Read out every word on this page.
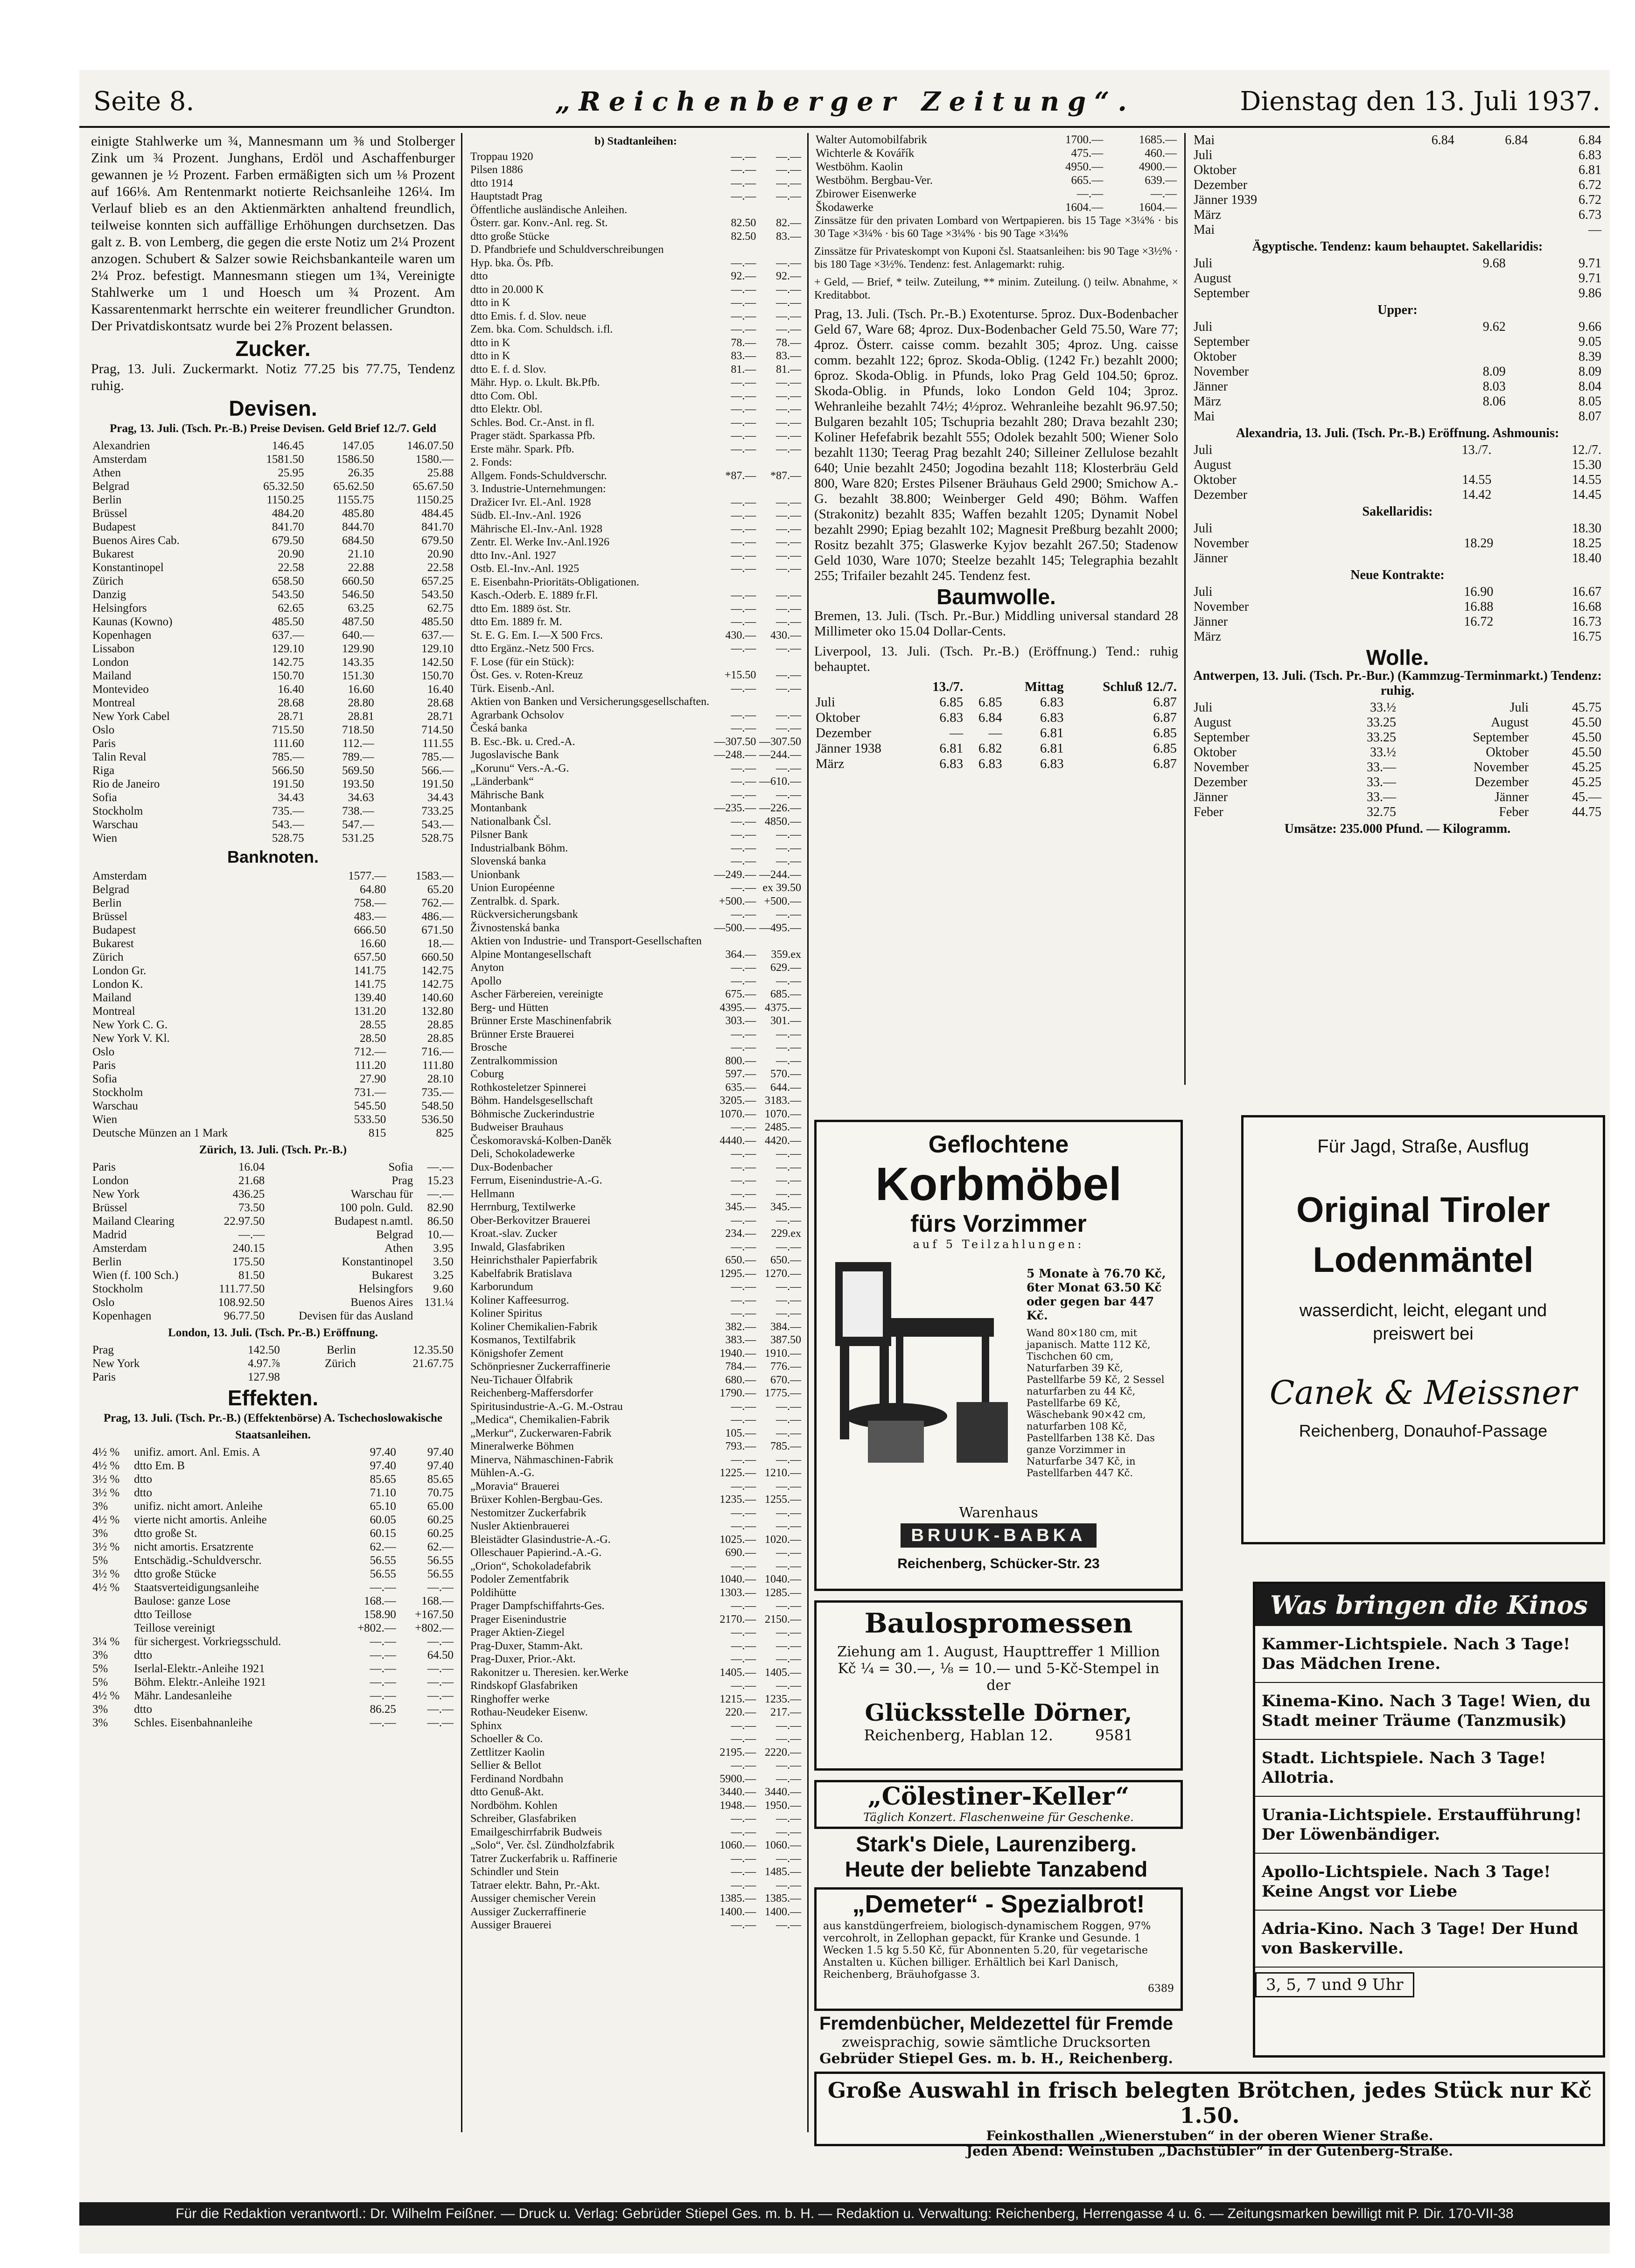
Seite 8.	„Reichenberger Zeitung“.	Dienstag den 13. Juli 1937.

einigte Stahlwerke um ¾, Mannesmann um ⅜ und Stolberger Zink um ¾ Prozent. Junghans, Erdöl und Aschaffenburger gewannen je ½ Prozent. Farben ermäßigten sich um ⅛ Prozent auf 166⅛. Am Rentenmarkt notierte Reichsanleihe 126¼. Im Verlauf blieb es an den Aktienmärkten anhaltend freundlich, teilweise konnten sich auffällige Erhöhungen durchsetzen. Das galt z. B. von Lemberg, die gegen die erste Notiz um 2¼ Prozent anzogen. Schubert & Salzer sowie Reichsbankanteile waren um 2¼ Proz. befestigt. Mannesmann stiegen um 1¾, Vereinigte Stahlwerke um 1 und Hoesch um ¾ Prozent. Am Kassarentenmarkt herrschte ein weiterer freundlicher Grundton. Der Privatdiskontsatz wurde bei 2⅞ Prozent belassen.

Zucker.

Prag, 13. Juli. Zuckermarkt. Notiz 77.25 bis 77.75, Tendenz ruhig.

Devisen.
Prag, 13. Juli. (Tsch. Pr.-B.) Preise Devisen. Geld Brief 12./7. Geld
Alexandrien	146.45	147.05	146.07.50
Amsterdam	1581.50	1586.50	1580.—
Athen	25.95	26.35	25.88
Belgrad	65.32.50	65.62.50	65.67.50
Berlin	1150.25	1155.75	1150.25
Brüssel	484.20	485.80	484.45
Budapest	841.70	844.70	841.70
Buenos Aires Cab.	679.50	684.50	679.50
Bukarest	20.90	21.10	20.90
Konstantinopel	22.58	22.88	22.58
Zürich	658.50	660.50	657.25
Danzig	543.50	546.50	543.50
Helsingfors	62.65	63.25	62.75
Kaunas (Kowno)	485.50	487.50	485.50
Kopenhagen	637.—	640.—	637.—
Lissabon	129.10	129.90	129.10
London	142.75	143.35	142.50
Mailand	150.70	151.30	150.70
Montevideo	16.40	16.60	16.40
Montreal	28.68	28.80	28.68
New York Cabel	28.71	28.81	28.71
Oslo	715.50	718.50	714.50
Paris	111.60	112.—	111.55
Talin Reval	785.—	789.—	785.—
Riga	566.50	569.50	566.—
Rio de Janeiro	191.50	193.50	191.50
Sofia	34.43	34.63	34.43
Stockholm	735.—	738.—	733.25
Warschau	543.—	547.—	543.—
Wien	528.75	531.25	528.75
Banknoten.
Amsterdam	1577.—	1583.—
Belgrad	64.80	65.20
Berlin	758.—	762.—
Brüssel	483.—	486.—
Budapest	666.50	671.50
Bukarest	16.60	18.—
Zürich	657.50	660.50
London Gr.	141.75	142.75
London K.	141.75	142.75
Mailand	139.40	140.60
Montreal	131.20	132.80
New York C. G.	28.55	28.85
New York V. Kl.	28.50	28.85
Oslo	712.—	716.—
Paris	111.20	111.80
Sofia	27.90	28.10
Stockholm	731.—	735.—
Warschau	545.50	548.50
Wien	533.50	536.50
Deutsche Münzen an 1 Mark	815	825
Zürich, 13. Juli. (Tsch. Pr.-B.)
Paris	16.04	Sofia	—.—
London	21.68	Prag	15.23
New York	436.25	Warschau für	—.—
Brüssel	73.50	100 poln. Guld.	82.90
Mailand Clearing	22.97.50	Budapest n.amtl.	86.50
Madrid	—.—	Belgrad	10.—
Amsterdam	240.15	Athen	3.95
Berlin	175.50	Konstantinopel	3.50
Wien (f. 100 Sch.)	81.50	Bukarest	3.25
Stockholm	111.77.50	Helsingfors	9.60
Oslo	108.92.50	Buenos Aires	131.¼
Kopenhagen	96.77.50	Devisen für das Ausland	
London, 13. Juli. (Tsch. Pr.-B.) Eröffnung.
Prag	142.50	Berlin	12.35.50
New York	4.97.⅞	Zürich	21.67.75
Paris	127.98		
Effekten.
Prag, 13. Juli. (Tsch. Pr.-B.) (Effektenbörse) A. Tschechoslowakische Staatsanleihen.
4½ %	unifiz. amort. Anl. Emis. A	97.40	97.40
4½ %	dtto Em. B	97.40	97.40
3½ %	dtto	85.65	85.65
3½ %	dtto	71.10	70.75
3%	unifiz. nicht amort. Anleihe	65.10	65.00
4½ %	vierte nicht amortis. Anleihe	60.05	60.25
3%	dtto große St.	60.15	60.25
3½ %	nicht amortis. Ersatzrente	62.—	62.—
5%	Entschädig.-Schuldverschr.	56.55	56.55
3½ %	dtto große Stücke	56.55	56.55
4½ %	Staatsverteidigungsanleihe	—.—	—.—
	Baulose: ganze Lose	168.—	168.—
	dtto Teillose	158.90	+167.50
	Teillose vereinigt	+802.—	+802.—
3¼ %	für sichergest. Vorkriegsschuld.	—.—	—.—
3%	dtto	—.—	64.50
5%	Iserlal-Elektr.-Anleihe 1921	—.—	—.—
5%	Böhm. Elektr.-Anleihe 1921	—.—	—.—
4½ %	Mähr. Landesanleihe	—.—	—.—
3%	dtto	86.25	—.—
3%	Schles. Eisenbahnanleihe	—.—	—.—
b) Stadtanleihen:
Troppau 1920	—.—	—.—
Pilsen 1886	—.—	—.—
dtto 1914	—.—	—.—
Hauptstadt Prag	—.—	—.—
Öffentliche ausländische Anleihen.		
Österr. gar. Konv.-Anl. reg. St.	82.50	82.—
dtto große Stücke	82.50	83.—
D. Pfandbriefe und Schuldverschreibungen		
Hyp. bka. Ös. Pfb.	—.—	—.—
dtto	92.—	92.—
dtto in 20.000 K	—.—	—.—
dtto in K	—.—	—.—
dtto Emis. f. d. Slov. neue	—.—	—.—
Zem. bka. Com. Schuldsch. i.fl.	—.—	—.—
dtto in K	78.—	78.—
dtto in K	83.—	83.—
dtto E. f. d. Slov.	81.—	81.—
Mähr. Hyp. o. Lkult. Bk.Pfb.	—.—	—.—
dtto Com. Obl.	—.—	—.—
dtto Elektr. Obl.	—.—	—.—
Schles. Bod. Cr.-Anst. in fl.	—.—	—.—
Prager städt. Sparkassa Pfb.	—.—	—.—
Erste mähr. Spark. Pfb.	—.—	—.—
2. Fonds:		
Allgem. Fonds-Schuldverschr.	*87.—	*87.—
3. Industrie-Unternehmungen:		
Dražicer Ivr. El.-Anl. 1928	—.—	—.—
Südb. El.-Inv.-Anl. 1926	—.—	—.—
Mährische El.-Inv.-Anl. 1928	—.—	—.—
Zentr. El. Werke Inv.-Anl.1926	—.—	—.—
dtto Inv.-Anl. 1927	—.—	—.—
Ostb. El.-Inv.-Anl. 1925	—.—	—.—
E. Eisenbahn-Prioritäts-Obligationen.		
Kasch.-Oderb. E. 1889 fr.Fl.	—.—	—.—
dtto Em. 1889 öst. Str.	—.—	—.—
dtto Em. 1889 fr. M.	—.—	—.—
St. E. G. Em. I.—X 500 Frcs.	430.—	430.—
dtto Ergänz.-Netz 500 Frcs.	—.—	—.—
F. Lose (für ein Stück):		
Öst. Ges. v. Roten-Kreuz	+15.50	—.—
Türk. Eisenb.-Anl.	—.—	—.—
Aktien von Banken und Versicherungsgesellschaften.		
Agrarbank Ochsolov	—.—	—.—
Česká banka	—.—	—.—
B. Esc.-Bk. u. Cred.-A.	—307.50	—307.50
Jugoslavische Bank	—248.—	—244.—
„Korunu“ Vers.-A.-G.	—.—	—.—
„Länderbank“	—.—	—610.—
Mährische Bank	—.—	—.—
Montanbank	—235.—	—226.—
Nationalbank Čsl.	—.—	4850.—
Pilsner Bank	—.—	—.—
Industrialbank Böhm.	—.—	—.—
Slovenská banka	—.—	—.—
Unionbank	—249.—	—244.—
Union Européenne	—.—	ex 39.50
Zentralbk. d. Spark.	+500.—	+500.—
Rückversicherungsbank	—.—	—.—
Živnostenská banka	—500.—	—495.—
Aktien von Industrie- und Transport-Gesellschaften		
Alpine Montangesellschaft	364.—	359.ex
Anyton	—.—	629.—
Apollo	—.—	—.—
Ascher Färbereien, vereinigte	675.—	685.—
Berg- und Hütten	4395.—	4375.—
Brünner Erste Maschinenfabrik	303.—	301.—
Brünner Erste Brauerei	—.—	—.—
Brosche	—.—	—.—
Zentralkommission	800.—	—.—
Coburg	597.—	570.—
Rothkosteletzer Spinnerei	635.—	644.—
Böhm. Handelsgesellschaft	3205.—	3183.—
Böhmische Zuckerindustrie	1070.—	1070.—
Budweiser Brauhaus	—.—	2485.—
Českomoravská-Kolben-Daněk	4440.—	4420.—
Deli, Schokoladewerke	—.—	—.—
Dux-Bodenbacher	—.—	—.—
Ferrum, Eisenindustrie-A.-G.	—.—	—.—
Hellmann	—.—	—.—
Herrnburg, Textilwerke	345.—	345.—
Ober-Berkovitzer Brauerei	—.—	—.—
Kroat.-slav. Zucker	234.—	229.ex
Inwald, Glasfabriken	—.—	—.—
Heinrichsthaler Papierfabrik	650.—	650.—
Kabelfabrik Bratislava	1295.—	1270.—
Karborundum	—.—	—.—
Koliner Kaffeesurrog.	—.—	—.—
Koliner Spiritus	—.—	—.—
Koliner Chemikalien-Fabrik	382.—	384.—
Kosmanos, Textilfabrik	383.—	387.50
Königshofer Zement	1940.—	1910.—
Schönpriesner Zuckerraffinerie	784.—	776.—
Neu-Tichauer Ölfabrik	680.—	670.—
Reichenberg-Maffersdorfer	1790.—	1775.—
Spiritusindustrie-A.-G. M.-Ostrau	—.—	—.—
„Medica“, Chemikalien-Fabrik	—.—	—.—
„Merkur“, Zuckerwaren-Fabrik	105.—	—.—
Mineralwerke Böhmen	793.—	785.—
Minerva, Nähmaschinen-Fabrik	—.—	—.—
Mühlen-A.-G.	1225.—	1210.—
„Moravia“ Brauerei	—.—	—.—
Brüxer Kohlen-Bergbau-Ges.	1235.—	1255.—
Nestomitzer Zuckerfabrik	—.—	—.—
Nusler Aktienbrauerei	—.—	—.—
Bleistädter Glasindustrie-A.-G.	1025.—	1020.—
Olleschauer Papierind.-A.-G.	690.—	—.—
„Orion“, Schokoladefabrik	—.—	—.—
Podoler Zementfabrik	1040.—	1040.—
Poldihütte	1303.—	1285.—
Prager Dampfschiffahrts-Ges.	—.—	—.—
Prager Eisenindustrie	2170.—	2150.—
Prager Aktien-Ziegel	—.—	—.—
Prag-Duxer, Stamm-Akt.	—.—	—.—
Prag-Duxer, Prior.-Akt.	—.—	—.—
Rakonitzer u. Theresien. ker.Werke	1405.—	1405.—
Rindskopf Glasfabriken	—.—	—.—
Ringhoffer werke	1215.—	1235.—
Rothau-Neudeker Eisenw.	220.—	217.—
Sphinx	—.—	—.—
Schoeller & Co.	—.—	—.—
Zettlitzer Kaolin	2195.—	2220.—
Sellier & Bellot	—.—	—.—
Ferdinand Nordbahn	5900.—	—.—
dtto Genuß-Akt.	3440.—	3440.—
Nordböhm. Kohlen	1948.—	1950.—
Schreiber, Glasfabriken	—.—	—.—
Emailgeschirrfabrik Budweis	—.—	—.—
„Solo“, Ver. čsl. Zündholzfabrik	1060.—	1060.—
Tatrer Zuckerfabrik u. Raffinerie	—.—	—.—
Schindler und Stein	—.—	1485.—
Tatraer elektr. Bahn, Pr.-Akt.	—.—	—.—
Aussiger chemischer Verein	1385.—	1385.—
Aussiger Zuckerraffinerie	1400.—	1400.—
Aussiger Brauerei	—.—	—.—
Walter Automobilfabrik	1700.—	1685.—
Wichterle & Kovářík	475.—	460.—
Westböhm. Kaolin	4950.—	4900.—
Westböhm. Bergbau-Ver.	665.—	639.—
Zbirower Eisenwerke	—.—	—.—
Škodawerke	1604.—	1604.—

Zinssätze für den privaten Lombard von Wertpapieren. bis 15 Tage ×3¼% · bis 30 Tage ×3¼% · bis 60 Tage ×3¼% · bis 90 Tage ×3¼%

Zinssätze für Privateskompt von Kuponi čsl. Staatsanleihen: bis 90 Tage ×3½% · bis 180 Tage ×3½%. Tendenz: fest. Anlagemarkt: ruhig.

+ Geld, — Brief, * teilw. Zuteilung, ** minim. Zuteilung. () teilw. Abnahme, × Kreditabbot.

Prag, 13. Juli. (Tsch. Pr.-B.) Exotenturse. 5proz. Dux-Bodenbacher Geld 67, Ware 68; 4proz. Dux-Bodenbacher Geld 75.50, Ware 77; 4proz. Österr. caisse comm. bezahlt 305; 4proz. Ung. caisse comm. bezahlt 122; 6proz. Skoda-Oblig. (1242 Fr.) bezahlt 2000; 6proz. Skoda-Oblig. in Pfunds, loko Prag Geld 104.50; 6proz. Skoda-Oblig. in Pfunds, loko London Geld 104; 3proz. Wehranleihe bezahlt 74½; 4½proz. Wehranleihe bezahlt 96.97.50; Bulgaren bezahlt 105; Tschupria bezahlt 280; Drava bezahlt 230; Koliner Hefefabrik bezahlt 555; Odolek bezahlt 500; Wiener Solo bezahlt 1130; Teerag Prag bezahlt 240; Silleiner Zellulose bezahlt 640; Unie bezahlt 2450; Jogodina bezahlt 118; Klosterbräu Geld 800, Ware 820; Erstes Pilsener Bräuhaus Geld 2900; Smichow A.-G. bezahlt 38.800; Weinberger Geld 490; Böhm. Waffen (Strakonitz) bezahlt 835; Waffen bezahlt 1205; Dynamit Nobel bezahlt 2990; Epiag bezahlt 102; Magnesit Preßburg bezahlt 2000; Rositz bezahlt 375; Glaswerke Kyjov bezahlt 267.50; Stadenow Geld 1030, Ware 1070; Steelze bezahlt 145; Telegraphia bezahlt 255; Trifailer bezahlt 245. Tendenz fest.

Baumwolle.

Bremen, 13. Juli. (Tsch. Pr.-Bur.) Middling universal standard 28 Millimeter oko 15.04 Dollar-Cents.

Liverpool, 13. Juli. (Tsch. Pr.-B.) (Eröffnung.) Tend.: ruhig behauptet.

	13./7.		Mittag	Schluß 12./7.
Juli	6.85	6.85	6.83	6.87
Oktober	6.83	6.84	6.83	6.87
Dezember	—	—	6.81	6.85
Jänner 1938	6.81	6.82	6.81	6.85
März	6.83	6.83	6.83	6.87
Mai	6.84	6.84	6.84
Juli			6.83
Oktober			6.81
Dezember			6.72
Jänner 1939			6.72
März			6.73
Mai			—
Ägyptische. Tendenz: kaum behauptet. Sakellaridis:
Juli	9.68	9.71
August		9.71
September		9.86
Upper:
Juli	9.62	9.66
September		9.05
Oktober		8.39
November	8.09	8.09
Jänner	8.03	8.04
März	8.06	8.05
Mai		8.07
Alexandria, 13. Juli. (Tsch. Pr.-B.) Eröffnung. Ashmounis:
Juli	13./7.	12./7.
August		15.30
Oktober	14.55	14.55
Dezember	14.42	14.45
Sakellaridis:
Juli		18.30
November	18.29	18.25
Jänner		18.40
Neue Kontrakte:
Juli	16.90	16.67
November	16.88	16.68
Jänner	16.72	16.73
März		16.75
Wolle.
Antwerpen, 13. Juli. (Tsch. Pr.-Bur.) (Kammzug-Terminmarkt.) Tendenz: ruhig.
Juli	33.½	Juli	45.75
August	33.25	August	45.50
September	33.25	September	45.50
Oktober	33.½	Oktober	45.50
November	33.—	November	45.25
Dezember	33.—	Dezember	45.25
Jänner	33.—	Jänner	45.—
Feber	32.75	Feber	44.75
Umsätze: 235.000 Pfund. — Kilogramm.
Geflochtene
Korbmöbel
fürs Vorzimmer
auf 5 Teilzahlungen:
5 Monate à 76.70 Kč, 6ter Monat 63.50 Kč oder gegen bar 447 Kč.
Wand 80×180 cm, mit japanisch. Matte 112 Kč, Tischchen 60 cm, Naturfarben 39 Kč, Pastellfarbe 59 Kč, 2 Sessel naturfarben zu 44 Kč, Pastellfarbe 69 Kč, Wäschebank 90×42 cm, naturfarben 108 Kč, Pastellfarben 138 Kč. Das ganze Vorzimmer in Naturfarbe 347 Kč, in Pastellfarben 447 Kč.
Warenhaus
BRUUK-BABKA
Reichenberg, Schücker-Str. 23
Für Jagd, Straße, Ausflug
Original Tiroler
Lodenmäntel
wasserdicht, leicht, elegant und preiswert bei
Canek & Meissner
Reichenberg, Donauhof-Passage
Baulospromessen
Ziehung am 1. August, Haupttreffer 1 Million Kč ¼ = 30.—, ⅛ = 10.— und 5-Kč-Stempel in der
Glücksstelle Dörner,
Reichenberg, Hablan 12.	9581
Was bringen die Kinos
Kammer-Lichtspiele. Nach 3 Tage! Das Mädchen Irene.
Kinema-Kino. Nach 3 Tage! Wien, du Stadt meiner Träume (Tanzmusik)
Stadt. Lichtspiele. Nach 3 Tage! Allotria.
Urania-Lichtspiele. Erstaufführung! Der Löwenbändiger.
Apollo-Lichtspiele. Nach 3 Tage! Keine Angst vor Liebe
Adria-Kino. Nach 3 Tage! Der Hund von Baskerville.
3, 5, 7 und 9 Uhr
„Cölestiner-Keller“
Täglich Konzert. Flaschenweine für Geschenke.
Stark's Diele, Laurenziberg.
Heute der beliebte Tanzabend
„Demeter“ - Spezialbrot!
aus kanstdüngerfreiem, biologisch-dynamischem Roggen, 97% vercohrolt, in Zellophan gepackt, für Kranke und Gesunde. 1 Wecken 1.5 kg 5.50 Kč, für Abonnenten 5.20, für vegetarische Anstalten u. Küchen billiger. Erhältlich bei Karl Danisch, Reichenberg, Bräuhofgasse 3.
6389
Fremdenbücher, Meldezettel für Fremde
zweisprachig, sowie sämtliche Drucksorten
Gebrüder Stiepel Ges. m. b. H., Reichenberg.
Große Auswahl in frisch belegten Brötchen, jedes Stück nur Kč 1.50.
Feinkosthallen „Wienerstuben“ in der oberen Wiener Straße.
Jeden Abend: Weinstuben „Dachstübler“ in der Gutenberg-Straße.
Für die Redaktion verantwortl.: Dr. Wilhelm Feißner. — Druck u. Verlag: Gebrüder Stiepel Ges. m. b. H. — Redaktion u. Verwaltung: Reichenberg, Herrengasse 4 u. 6. — Zeitungsmarken bewilligt mit P. Dir. 170-VII-38
